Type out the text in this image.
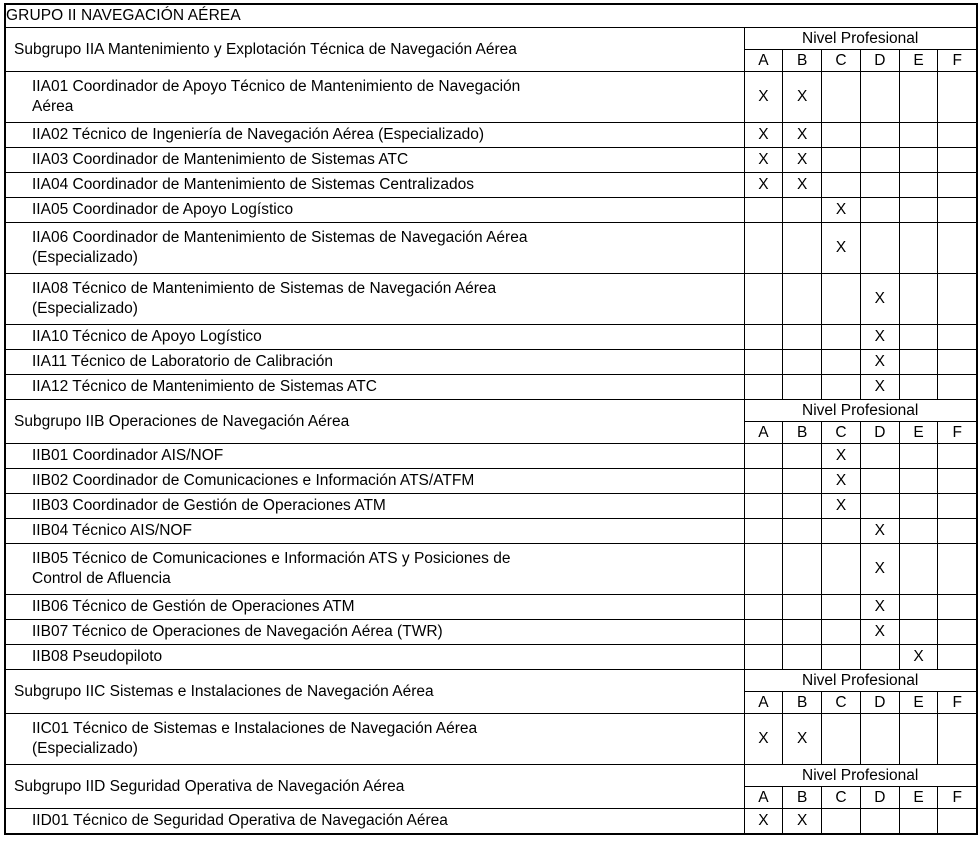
GRUPO II NAVEGACIÓN AÉREA						
Subgrupo IIA Mantenimiento y Explotación Técnica de Navegación Aérea	Nivel Profesional					
	A	B	C	D	E	F

IIA01 Coordinador de Apoyo Técnico de Mantenimiento de Navegación
Aérea	X	X				

IIA02 Técnico de Ingeniería de Navegación Aérea (Especializado)	X	X				

IIA03 Coordinador de Mantenimiento de Sistemas ATC	X	X				

IIA04 Coordinador de Mantenimiento de Sistemas Centralizados	X	X				

IIA05 Coordinador de Apoyo Logístico			X			

IIA06 Coordinador de Mantenimiento de Sistemas de Navegación Aérea
(Especializado)			X			

IIA08 Técnico de Mantenimiento de Sistemas de Navegación Aérea
(Especializado)				X		

IIA10 Técnico de Apoyo Logístico				X		

IIA11 Técnico de Laboratorio de Calibración				X		

IIA12 Técnico de Mantenimiento de Sistemas ATC				X		
Subgrupo IIB Operaciones de Navegación Aérea	Nivel Profesional					
	A	B	C	D	E	F

IIB01 Coordinador AIS/NOF			X			

IIB02 Coordinador de Comunicaciones e Información ATS/ATFM			X			

IIB03 Coordinador de Gestión de Operaciones ATM			X			

IIB04 Técnico AIS/NOF				X		

IIB05 Técnico de Comunicaciones e Información ATS y Posiciones de
Control de Afluencia				X		

IIB06 Técnico de Gestión de Operaciones ATM				X		

IIB07 Técnico de Operaciones de Navegación Aérea (TWR)				X		

IIB08 Pseudopiloto					X	
Subgrupo IIC Sistemas e Instalaciones de Navegación Aérea	Nivel Profesional					
	A	B	C	D	E	F

IIC01 Técnico de Sistemas e Instalaciones de Navegación Aérea
(Especializado)	X	X				
Subgrupo IID Seguridad Operativa de Navegación Aérea	Nivel Profesional					
	A	B	C	D	E	F

IID01 Técnico de Seguridad Operativa de Navegación Aérea	X	X				
